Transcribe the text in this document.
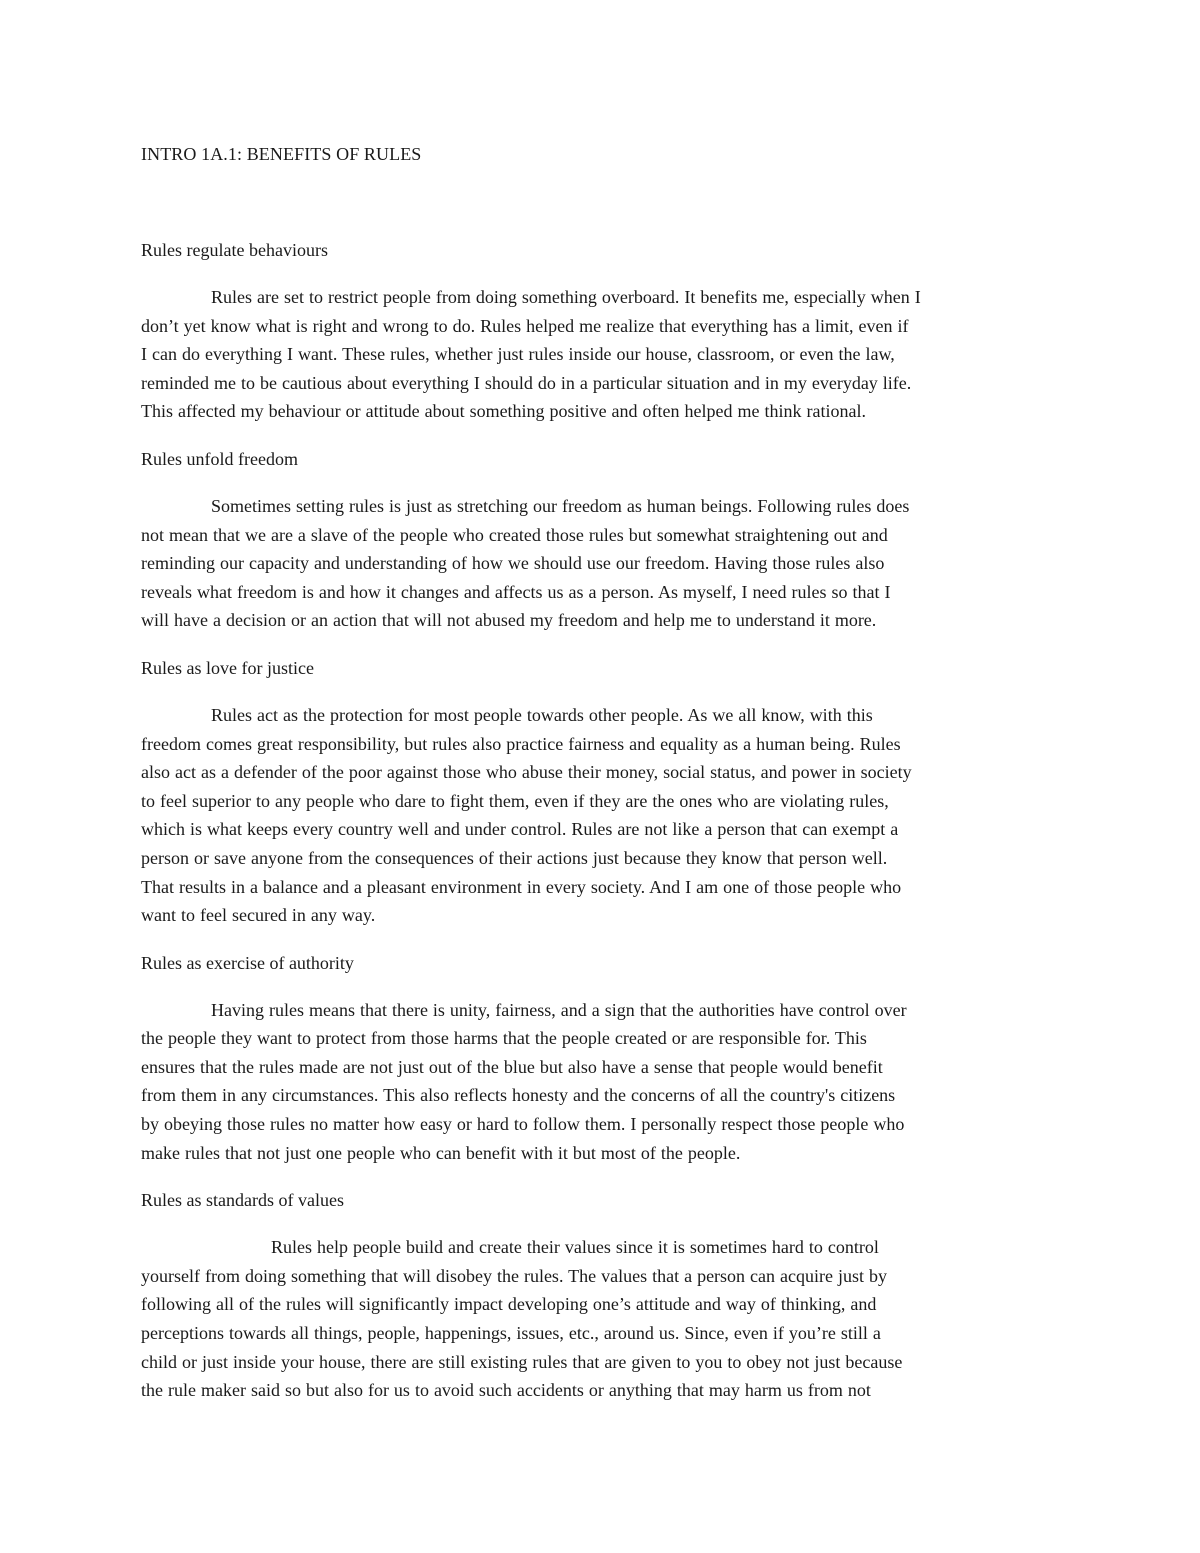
INTRO 1A.1: BENEFITS OF RULES
Rules regulate behaviours
Rules are set to restrict people from doing something overboard. It benefits me, especially when I
don’t yet know what is right and wrong to do. Rules helped me realize that everything has a limit, even if
I can do everything I want. These rules, whether just rules inside our house, classroom, or even the law,
reminded me to be cautious about everything I should do in a particular situation and in my everyday life.
This affected my behaviour or attitude about something positive and often helped me think rational.
Rules unfold freedom
Sometimes setting rules is just as stretching our freedom as human beings. Following rules does
not mean that we are a slave of the people who created those rules but somewhat straightening out and
reminding our capacity and understanding of how we should use our freedom. Having those rules also
reveals what freedom is and how it changes and affects us as a person. As myself, I need rules so that I
will have a decision or an action that will not abused my freedom and help me to understand it more.
Rules as love for justice
Rules act as the protection for most people towards other people. As we all know, with this
freedom comes great responsibility, but rules also practice fairness and equality as a human being. Rules
also act as a defender of the poor against those who abuse their money, social status, and power in society
to feel superior to any people who dare to fight them, even if they are the ones who are violating rules,
which is what keeps every country well and under control. Rules are not like a person that can exempt a
person or save anyone from the consequences of their actions just because they know that person well.
That results in a balance and a pleasant environment in every society. And I am one of those people who
want to feel secured in any way.
Rules as exercise of authority
Having rules means that there is unity, fairness, and a sign that the authorities have control over
the people they want to protect from those harms that the people created or are responsible for. This
ensures that the rules made are not just out of the blue but also have a sense that people would benefit
from them in any circumstances. This also reflects honesty and the concerns of all the country's citizens
by obeying those rules no matter how easy or hard to follow them. I personally respect those people who
make rules that not just one people who can benefit with it but most of the people.
Rules as standards of values
Rules help people build and create their values since it is sometimes hard to control
yourself from doing something that will disobey the rules. The values that a person can acquire just by
following all of the rules will significantly impact developing one’s attitude and way of thinking, and
perceptions towards all things, people, happenings, issues, etc., around us. Since, even if you’re still a
child or just inside your house, there are still existing rules that are given to you to obey not just because
the rule maker said so but also for us to avoid such accidents or anything that may harm us from not
